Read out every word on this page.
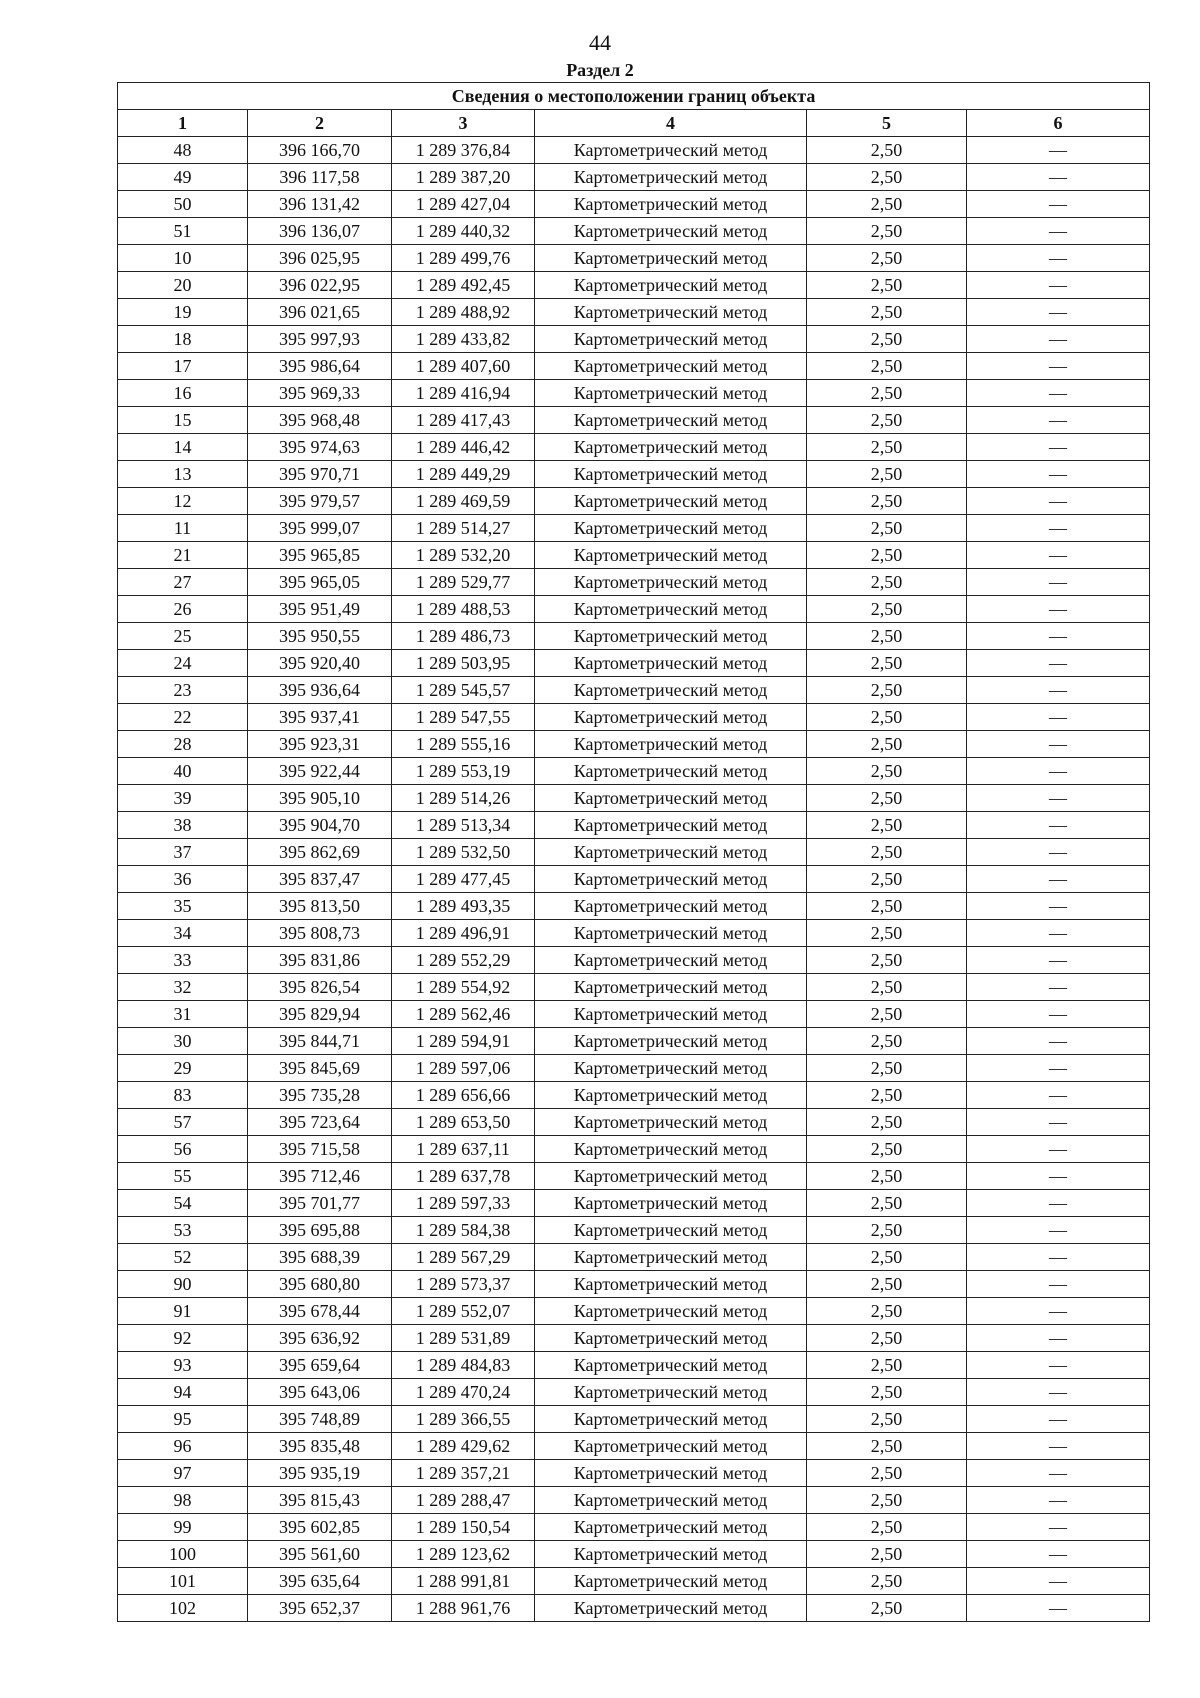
44
Раздел 2
Сведения о местоположении границ объекта					
1	2	3	4	5	6
48	396 166,70	1 289 376,84	Картометрический метод	2,50	—
49	396 117,58	1 289 387,20	Картометрический метод	2,50	—
50	396 131,42	1 289 427,04	Картометрический метод	2,50	—
51	396 136,07	1 289 440,32	Картометрический метод	2,50	—
10	396 025,95	1 289 499,76	Картометрический метод	2,50	—
20	396 022,95	1 289 492,45	Картометрический метод	2,50	—
19	396 021,65	1 289 488,92	Картометрический метод	2,50	—
18	395 997,93	1 289 433,82	Картометрический метод	2,50	—
17	395 986,64	1 289 407,60	Картометрический метод	2,50	—
16	395 969,33	1 289 416,94	Картометрический метод	2,50	—
15	395 968,48	1 289 417,43	Картометрический метод	2,50	—
14	395 974,63	1 289 446,42	Картометрический метод	2,50	—
13	395 970,71	1 289 449,29	Картометрический метод	2,50	—
12	395 979,57	1 289 469,59	Картометрический метод	2,50	—
11	395 999,07	1 289 514,27	Картометрический метод	2,50	—
21	395 965,85	1 289 532,20	Картометрический метод	2,50	—
27	395 965,05	1 289 529,77	Картометрический метод	2,50	—
26	395 951,49	1 289 488,53	Картометрический метод	2,50	—
25	395 950,55	1 289 486,73	Картометрический метод	2,50	—
24	395 920,40	1 289 503,95	Картометрический метод	2,50	—
23	395 936,64	1 289 545,57	Картометрический метод	2,50	—
22	395 937,41	1 289 547,55	Картометрический метод	2,50	—
28	395 923,31	1 289 555,16	Картометрический метод	2,50	—
40	395 922,44	1 289 553,19	Картометрический метод	2,50	—
39	395 905,10	1 289 514,26	Картометрический метод	2,50	—
38	395 904,70	1 289 513,34	Картометрический метод	2,50	—
37	395 862,69	1 289 532,50	Картометрический метод	2,50	—
36	395 837,47	1 289 477,45	Картометрический метод	2,50	—
35	395 813,50	1 289 493,35	Картометрический метод	2,50	—
34	395 808,73	1 289 496,91	Картометрический метод	2,50	—
33	395 831,86	1 289 552,29	Картометрический метод	2,50	—
32	395 826,54	1 289 554,92	Картометрический метод	2,50	—
31	395 829,94	1 289 562,46	Картометрический метод	2,50	—
30	395 844,71	1 289 594,91	Картометрический метод	2,50	—
29	395 845,69	1 289 597,06	Картометрический метод	2,50	—
83	395 735,28	1 289 656,66	Картометрический метод	2,50	—
57	395 723,64	1 289 653,50	Картометрический метод	2,50	—
56	395 715,58	1 289 637,11	Картометрический метод	2,50	—
55	395 712,46	1 289 637,78	Картометрический метод	2,50	—
54	395 701,77	1 289 597,33	Картометрический метод	2,50	—
53	395 695,88	1 289 584,38	Картометрический метод	2,50	—
52	395 688,39	1 289 567,29	Картометрический метод	2,50	—
90	395 680,80	1 289 573,37	Картометрический метод	2,50	—
91	395 678,44	1 289 552,07	Картометрический метод	2,50	—
92	395 636,92	1 289 531,89	Картометрический метод	2,50	—
93	395 659,64	1 289 484,83	Картометрический метод	2,50	—
94	395 643,06	1 289 470,24	Картометрический метод	2,50	—
95	395 748,89	1 289 366,55	Картометрический метод	2,50	—
96	395 835,48	1 289 429,62	Картометрический метод	2,50	—
97	395 935,19	1 289 357,21	Картометрический метод	2,50	—
98	395 815,43	1 289 288,47	Картометрический метод	2,50	—
99	395 602,85	1 289 150,54	Картометрический метод	2,50	—
100	395 561,60	1 289 123,62	Картометрический метод	2,50	—
101	395 635,64	1 288 991,81	Картометрический метод	2,50	—
102	395 652,37	1 288 961,76	Картометрический метод	2,50	—
